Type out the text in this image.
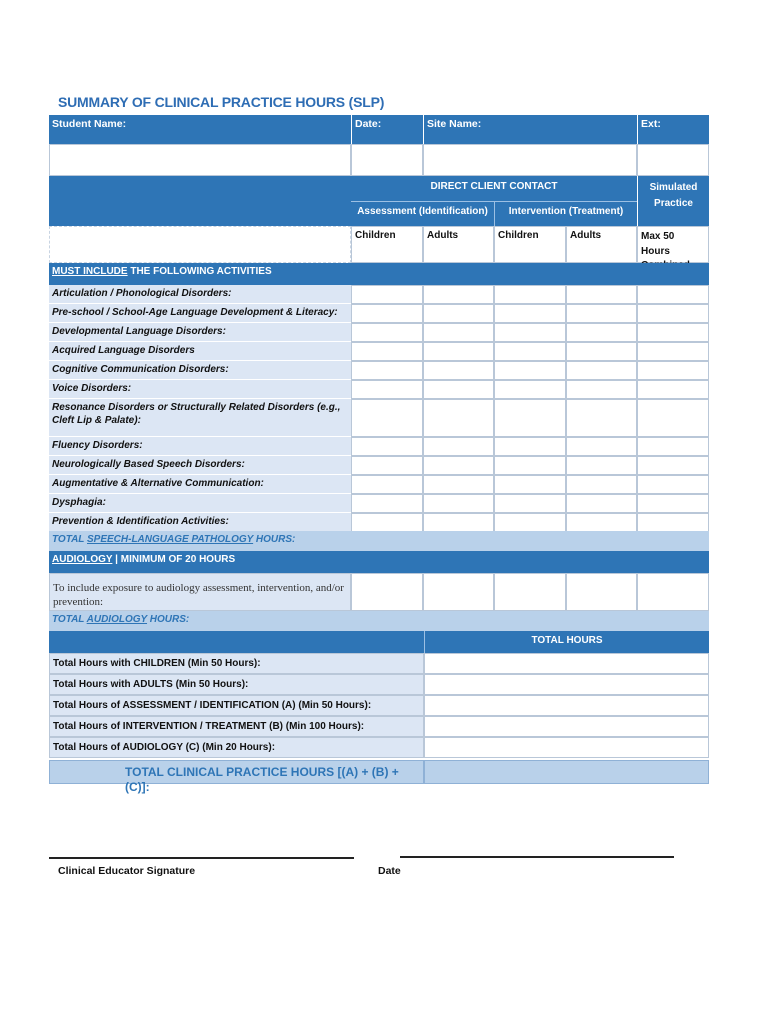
SUMMARY OF CLINICAL PRACTICE HOURS (SLP)
Student Name:	Date:	Site Name:	Ext:
DIRECT CLIENT CONTACT
Assessment (Identification)	Intervention (Treatment)
Simulated Practice
Children	Adults	Children	Adults	Max 50 Hours
MUST INCLUDE THE FOLLOWING ACTIVITIES
Articulation / Phonological Disorders:
Pre-school / School-Age Language Development & Literacy:
Developmental Language Disorders:
Acquired Language Disorders
Cognitive Communication Disorders:
Voice Disorders:
Resonance Disorders or Structurally Related Disorders (e.g., Cleft Lip & Palate):
Fluency Disorders:
Neurologically Based Speech Disorders:
Augmentative & Alternative Communication:
Dysphagia:
Prevention & Identification Activities:
TOTAL SPEECH-LANGUAGE PATHOLOGY HOURS:
AUDIOLOGY | MINIMUM OF 20 HOURS
To include exposure to audiology assessment, intervention, and/or prevention:
TOTAL AUDIOLOGY HOURS:
TOTAL HOURS
Total Hours with CHILDREN (Min 50 Hours):
Total Hours with ADULTS (Min 50 Hours):
Total Hours of ASSESSMENT / IDENTIFICATION (A) (Min 50 Hours):
Total Hours of INTERVENTION / TREATMENT (B) (Min 100 Hours):
Total Hours of AUDIOLOGY (C) (Min 20 Hours):
TOTAL CLINICAL PRACTICE HOURS [(A) + (B) + (C)]:
Clinical Educator Signature	Date
